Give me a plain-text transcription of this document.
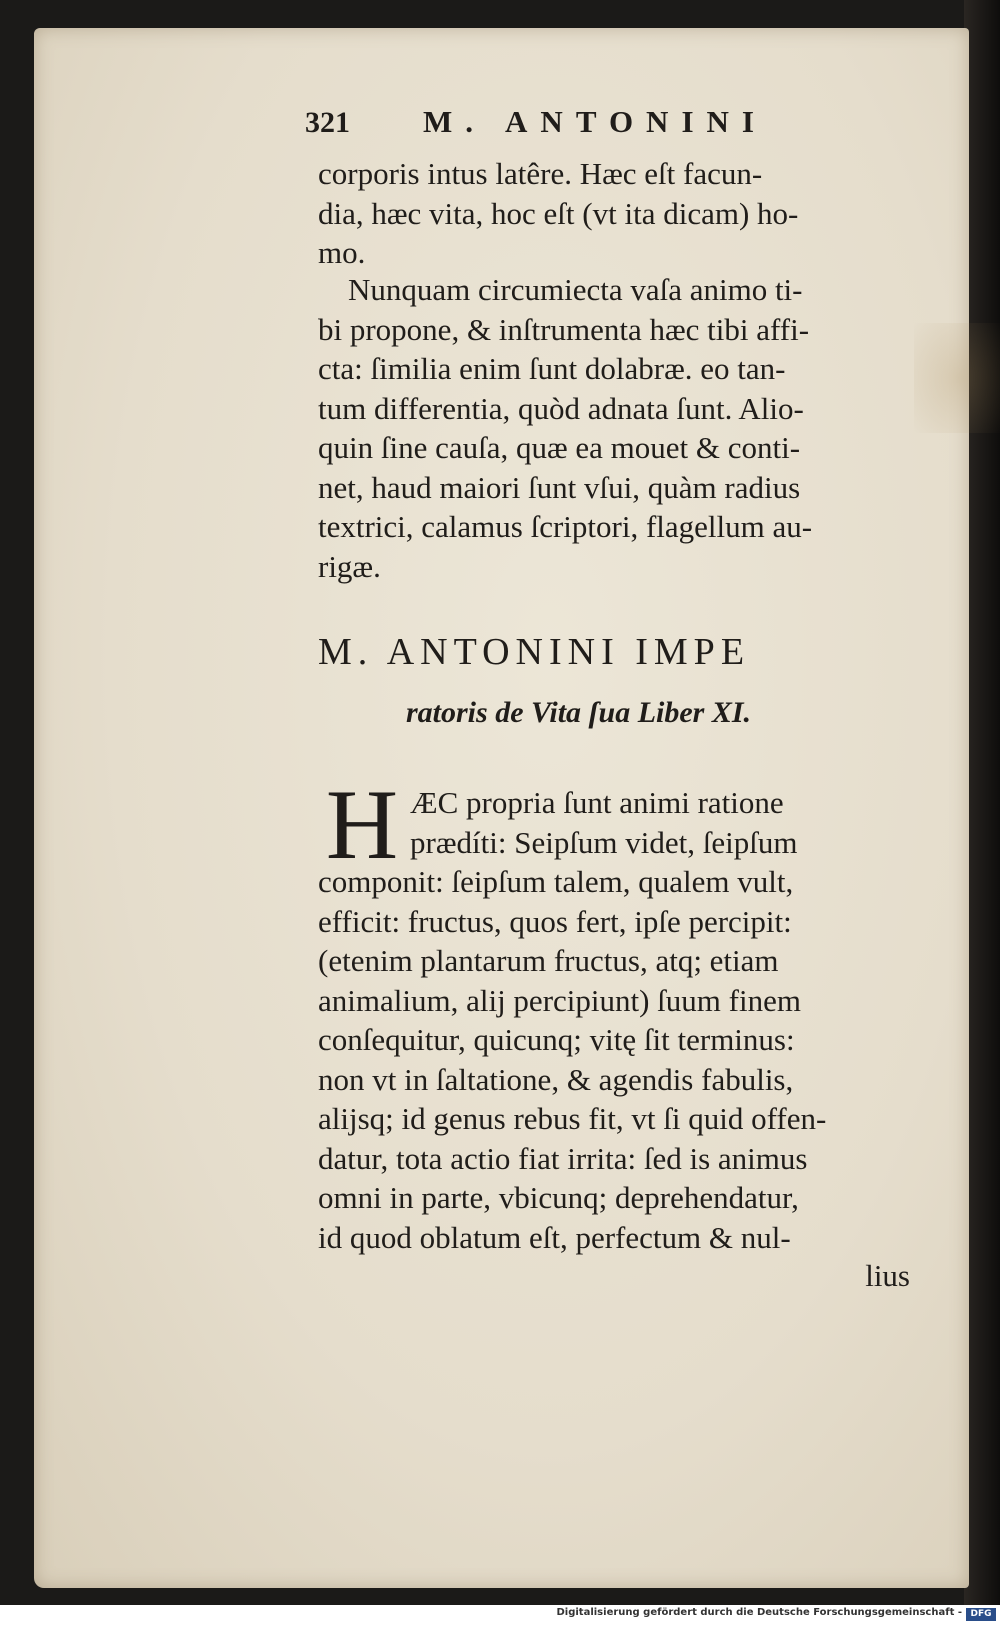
321 M. ANTONINI
corporis intus latêre. Hæc eſt facun-
dia, hæc vita, hoc eſt (vt ita dicam) ho-
mo.
Nunquam circumiecta vaſa animo ti-
bi propone, & inſtrumenta hæc tibi affi-
cta: ſimilia enim ſunt dolabræ. eo tan-
tum differentia, quòd adnata ſunt. Alio-
quin ſine cauſa, quæ ea mouet & conti-
net, haud maiori ſunt vſui, quàm radius
textrici, calamus ſcriptori, flagellum au-
rigæ.
M. ANTONINI IMPE
ratoris de Vita ſua Liber XI.
H ÆC propria ſunt animi ratione
prædíti: Seipſum videt, ſeipſum
componit: ſeipſum talem, qualem vult,
efficit: fructus, quos fert, ipſe percipit:
(etenim plantarum fructus, atq; etiam
animalium, alij percipiunt) ſuum finem
conſequitur, quicunq; vitę ſit terminus:
non vt in ſaltatione, & agendis fabulis,
alijsq; id genus rebus fit, vt ſi quid offen-
datur, tota actio fiat irrita: ſed is animus
omni in parte, vbicunq; deprehendatur,
id quod oblatum eſt, perfectum & nul-
lius
Digitalisierung gefördert durch die Deutsche Forschungsgemeinschaft - DFG
